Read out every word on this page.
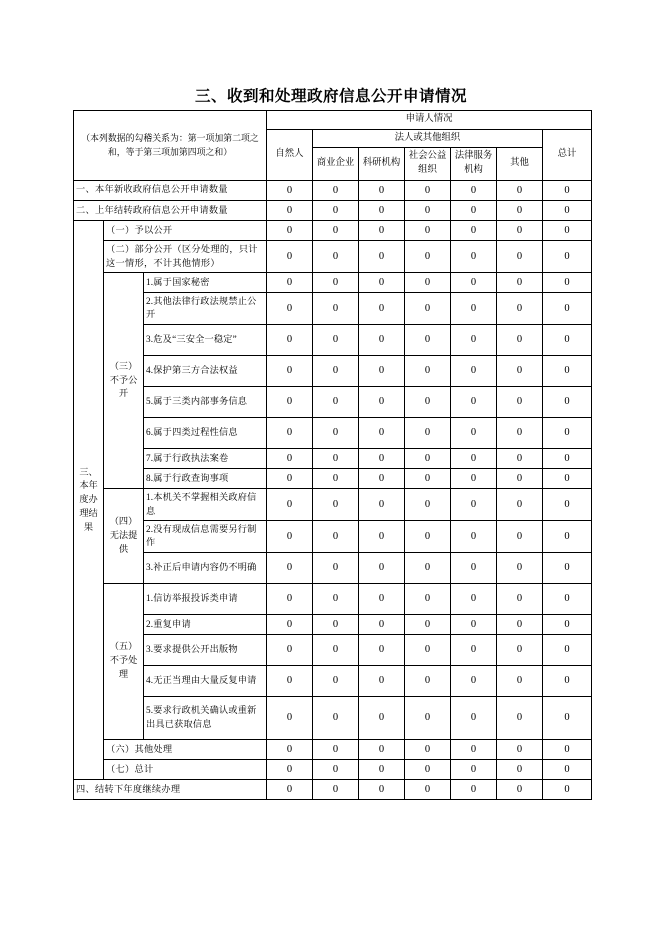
三、收到和处理政府信息公开申请情况
（本列数据的勾稽关系为：第一项加第二项之和，等于第三项加第四项之和）			申请人情况						
			自然人	法人或其他组织					总计
				商业企业	科研机构	社会公益组织	法律服务机构	其他	
一、本年新收政府信息公开申请数量			0	0	0	0	0	0	0
二、上年结转政府信息公开申请数量			0	0	0	0	0	0	0
三、本年度办理结果	（一）予以公开		0	0	0	0	0	0	0
	（二）部分公开（区分处理的，只计这一情形，不计其他情形）		0	0	0	0	0	0	0
	（三）不予公开	1.属于国家秘密	0	0	0	0	0	0	0
		2.其他法律行政法规禁止公开	0	0	0	0	0	0	0
		3.危及“三安全一稳定”	0	0	0	0	0	0	0
		4.保护第三方合法权益	0	0	0	0	0	0	0
		5.属于三类内部事务信息	0	0	0	0	0	0	0
		6.属于四类过程性信息	0	0	0	0	0	0	0
		7.属于行政执法案卷	0	0	0	0	0	0	0
		8.属于行政查询事项	0	0	0	0	0	0	0
	（四）无法提供	1.本机关不掌握相关政府信息	0	0	0	0	0	0	0
		2.没有现成信息需要另行制作	0	0	0	0	0	0	0
		3.补正后申请内容仍不明确	0	0	0	0	0	0	0
	（五）不予处理	1.信访举报投诉类申请	0	0	0	0	0	0	0
		2.重复申请	0	0	0	0	0	0	0
		3.要求提供公开出版物	0	0	0	0	0	0	0
		4.无正当理由大量反复申请	0	0	0	0	0	0	0
		5.要求行政机关确认或重新出具已获取信息	0	0	0	0	0	0	0
	（六）其他处理		0	0	0	0	0	0	0
	（七）总计		0	0	0	0	0	0	0
四、结转下年度继续办理			0	0	0	0	0	0	0
